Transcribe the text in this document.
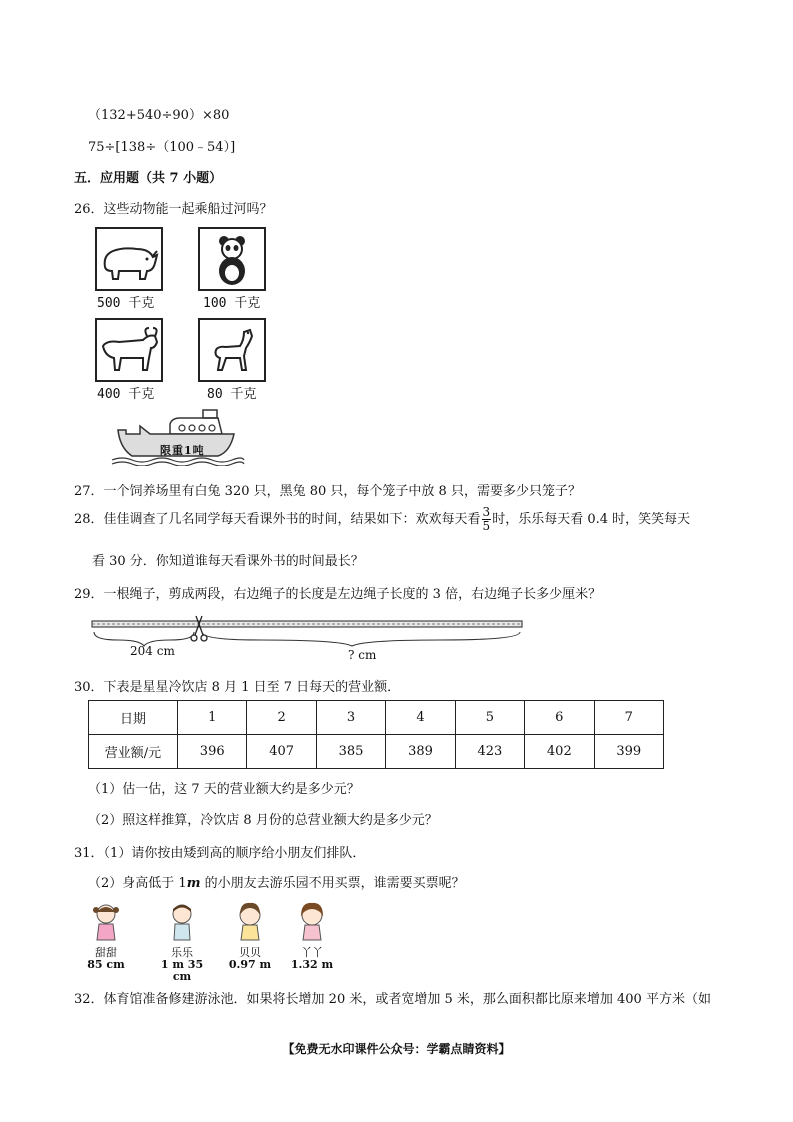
（132+540÷90）×80
75÷[138÷（100﹣54）]
五．应用题（共 7 小题）
26．这些动物能一起乘船过河吗？
500 千克	100 千克
400 千克	80 千克
限重1吨
27．一个饲养场里有白兔 320 只，黑兔 80 只，每个笼子中放 8 只，需要多少只笼子？
28．佳佳调查了几名同学每天看课外书的时间，结果如下：欢欢每天看 $\frac{3}{5}$ 时，乐乐每天看 0.4 时，笑笑每天
看 30 分．你知道谁每天看课外书的时间最长？
29．一根绳子，剪成两段，右边绳子的长度是左边绳子长度的 3 倍，右边绳子长多少厘米？
204 cm	? cm
30．下表是星星冷饮店 8 月 1 日至 7 日每天的营业额．
日期	1	2	3	4	5	6	7
营业额/元	396	407	385	389	423	402	399
（1）估一估，这 7 天的营业额大约是多少元？
（2）照这样推算，冷饮店 8 月份的总营业额大约是多少元？
31．（1）请你按由矮到高的顺序给小朋友们排队．
（2）身高低于 1m 的小朋友去游乐园不用买票，谁需要买票呢？
甜甜
85 cm
乐乐
1 m 35 cm
贝贝
0.97 m
丫丫
1.32 m
32．体育馆准备修建游泳池．如果将长增加 20 米，或者宽增加 5 米，那么面积都比原来增加 400 平方米（如
【免费无水印课件公众号：学霸点睛资料】
